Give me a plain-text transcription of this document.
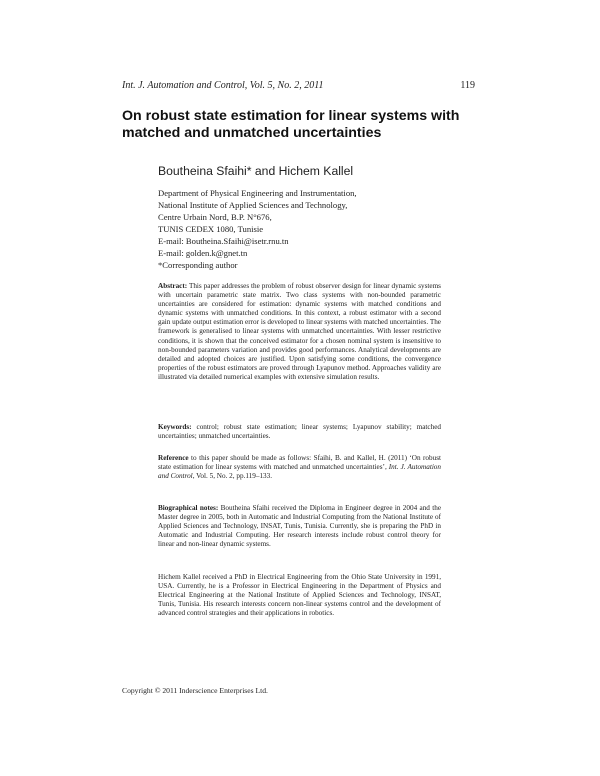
Int. J. Automation and Control, Vol. 5, No. 2, 2011	119
On robust state estimation for linear systems with matched and unmatched uncertainties
Boutheina Sfaihi* and Hichem Kallel
Department of Physical Engineering and Instrumentation,
National Institute of Applied Sciences and Technology,
Centre Urbain Nord, B.P. N°676,
TUNIS CEDEX 1080, Tunisie
E-mail: Boutheina.Sfaihi@isetr.rnu.tn
E-mail: golden.k@gnet.tn
*Corresponding author
Abstract: This paper addresses the problem of robust observer design for linear dynamic systems with uncertain parametric state matrix. Two class systems with non-bounded parametric uncertainties are considered for estimation: dynamic systems with matched conditions and dynamic systems with unmatched conditions. In this context, a robust estimator with a second gain update output estimation error is developed to linear systems with matched uncertainties. The framework is generalised to linear systems with unmatched uncertainties. With lesser restrictive conditions, it is shown that the conceived estimator for a chosen nominal system is insensitive to non-bounded parameters variation and provides good performances. Analytical developments are detailed and adopted choices are justified. Upon satisfying some conditions, the convergence properties of the robust estimators are proved through Lyapunov method. Approaches validity are illustrated via detailed numerical examples with extensive simulation results.
Keywords: control; robust state estimation; linear systems; Lyapunov stability; matched uncertainties; unmatched uncertainties.
Reference to this paper should be made as follows: Sfaihi, B. and Kallel, H. (2011) ‘On robust state estimation for linear systems with matched and unmatched uncertainties’, Int. J. Automation and Control, Vol. 5, No. 2, pp.119–133.
Biographical notes: Boutheina Sfaihi received the Diploma in Engineer degree in 2004 and the Master degree in 2005, both in Automatic and Industrial Computing from the National Institute of Applied Sciences and Technology, INSAT, Tunis, Tunisia. Currently, she is preparing the PhD in Automatic and Industrial Computing. Her research interests include robust control theory for linear and non-linear dynamic systems.
Hichem Kallel received a PhD in Electrical Engineering from the Ohio State University in 1991, USA. Currently, he is a Professor in Electrical Engineering in the Department of Physics and Electrical Engineering at the National Institute of Applied Sciences and Technology, INSAT, Tunis, Tunisia. His research interests concern non-linear systems control and the development of advanced control strategies and their applications in robotics.
Copyright © 2011 Inderscience Enterprises Ltd.
